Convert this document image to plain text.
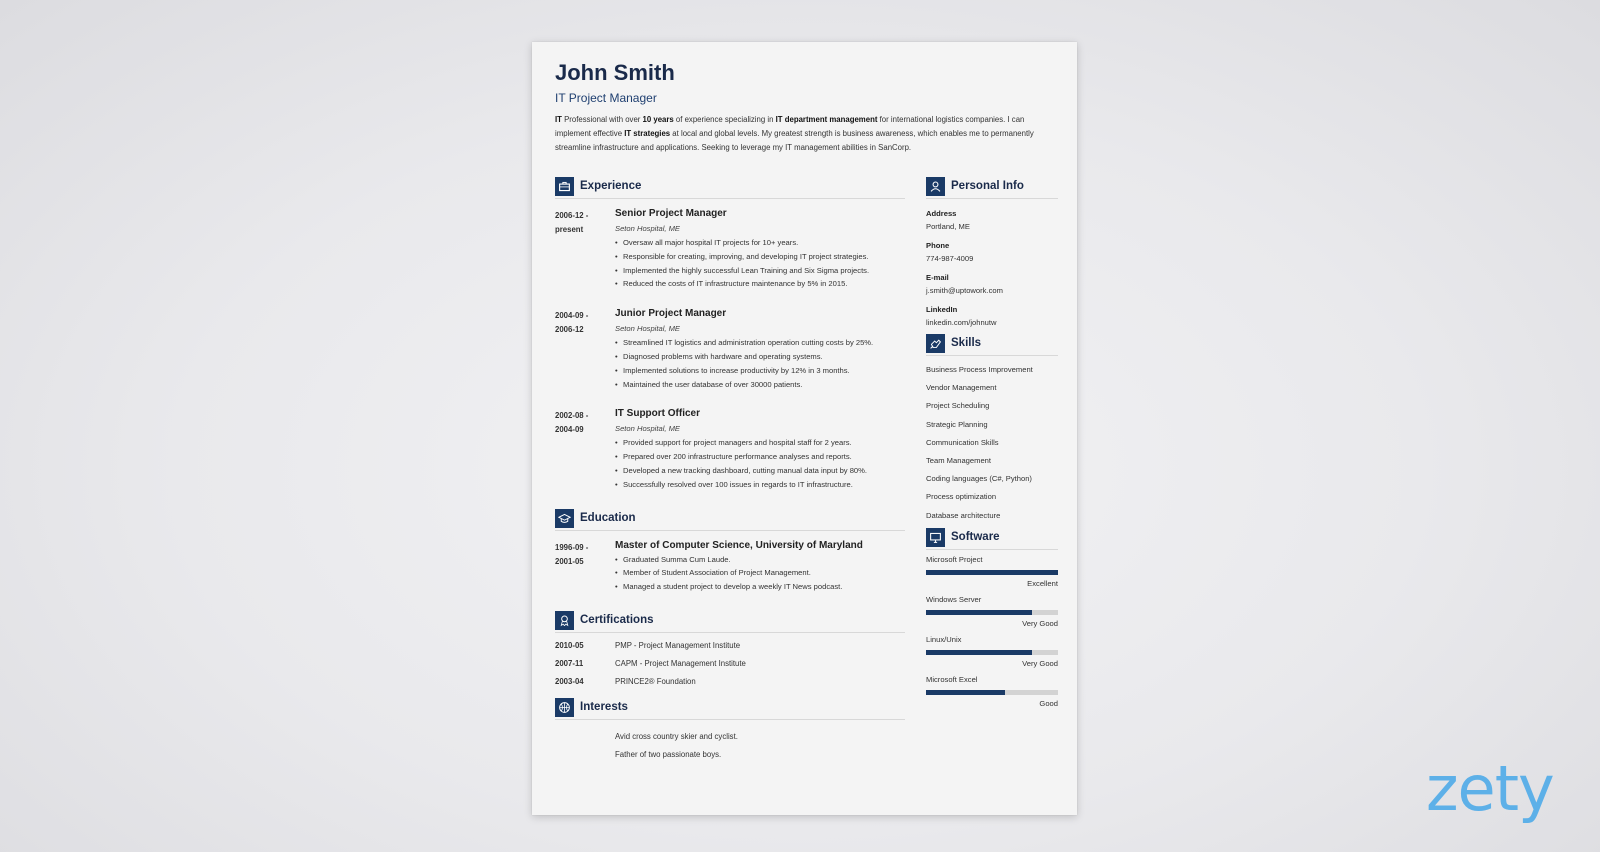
John Smith
IT Project Manager
IT Professional with over 10 years of experience specializing in IT department management for international logistics companies. I can implement effective IT strategies at local and global levels. My greatest strength is business awareness, which enables me to permanently streamline infrastructure and applications. Seeking to leverage my IT management abilities in SanCorp.
Experience
2006-12 -
present
Senior Project Manager
Seton Hospital, ME
• Oversaw all major hospital IT projects for 10+ years.
• Responsible for creating, improving, and developing IT project strategies.
• Implemented the highly successful Lean Training and Six Sigma projects.
• Reduced the costs of IT infrastructure maintenance by 5% in 2015.
2004-09 -
2006-12
Junior Project Manager
Seton Hospital, ME
• Streamlined IT logistics and administration operation cutting costs by 25%.
• Diagnosed problems with hardware and operating systems.
• Implemented solutions to increase productivity by 12% in 3 months.
• Maintained the user database of over 30000 patients.
2002-08 -
2004-09
IT Support Officer
Seton Hospital, ME
• Provided support for project managers and hospital staff for 2 years.
• Prepared over 200 infrastructure performance analyses and reports.
• Developed a new tracking dashboard, cutting manual data input by 80%.
• Successfully resolved over 100 issues in regards to IT infrastructure.
Education
1996-09 -
2001-05
Master of Computer Science, University of Maryland
• Graduated Summa Cum Laude.
• Member of Student Association of Project Management.
• Managed a student project to develop a weekly IT News podcast.
Certifications
2010-05	PMP - Project Management Institute
2007-11	CAPM - Project Management Institute
2003-04	PRINCE2® Foundation
Interests
Avid cross country skier and cyclist.
Father of two passionate boys.
Personal Info
Address
Portland, ME
Phone
774-987-4009
E-mail
j.smith@uptowork.com
LinkedIn
linkedin.com/johnutw
Skills
Business Process Improvement
Vendor Management
Project Scheduling
Strategic Planning
Communication Skills
Team Management
Coding languages (C#, Python)
Process optimization
Database architecture
Software
Microsoft Project
Excellent
Windows Server
Very Good
Linux/Unix
Very Good
Microsoft Excel
Good
zety
